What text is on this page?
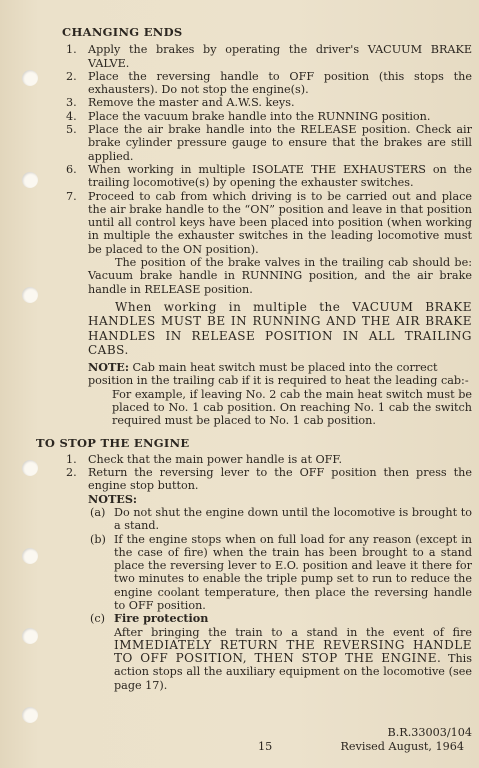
CHANGING ENDS
1. Apply the brakes by operating the driver's VACUUM BRAKE VALVE.
2. Place the reversing handle to OFF position (this stops the exhausters). Do not stop the engine(s).
3. Remove the master and A.W.S. keys.
4. Place the vacuum brake handle into the RUNNING position.
5. Place the air brake handle into the RELEASE position. Check air brake cylinder pressure gauge to ensure that the brakes are still applied.
6. When working in multiple ISOLATE THE EXHAUSTERS on the trailing locomotive(s) by opening the exhauster switches.
7. Proceed to cab from which driving is to be carried out and place the air brake handle to the “ON” position and leave in that position until all control keys have been placed into position (when working in multiple the exhauster switches in the leading locomotive must be placed to the ON position).

The position of the brake valves in the trailing cab should be: Vacuum brake handle in RUNNING position, and the air brake handle in RELEASE position.

When working in multiple the VACUUM BRAKE HANDLES MUST BE IN RUNNING AND THE AIR BRAKE HANDLES IN RELEASE POSITION IN ALL TRAILING CABS.
NOTE: Cab main heat switch must be placed into the correct position in the trailing cab if it is required to heat the leading cab:-
For example, if leaving No. 2 cab the main heat switch must be placed to No. 1 cab position. On reaching No. 1 cab the switch required must be placed to No. 1 cab position.
TO STOP THE ENGINE
1. Check that the main power handle is at OFF.
2. Return the reversing lever to the OFF position then press the engine stop button.
NOTES:
(a) Do not shut the engine down until the locomotive is brought to a stand.
(b) If the engine stops when on full load for any reason (except in the case of fire) when the train has been brought to a stand place the reversing lever to E.O. position and leave it there for two minutes to enable the triple pump set to run to reduce the engine coolant temperature, then place the reversing handle to OFF position.
(c) Fire protection
After bringing the train to a stand in the event of fire IMMEDIATELY RETURN THE REVERSING HANDLE TO OFF POSITION, THEN STOP THE ENGINE. This action stops all the auxiliary equipment on the locomotive (see page 17).
B.R.33003/104
15	Revised August, 1964
